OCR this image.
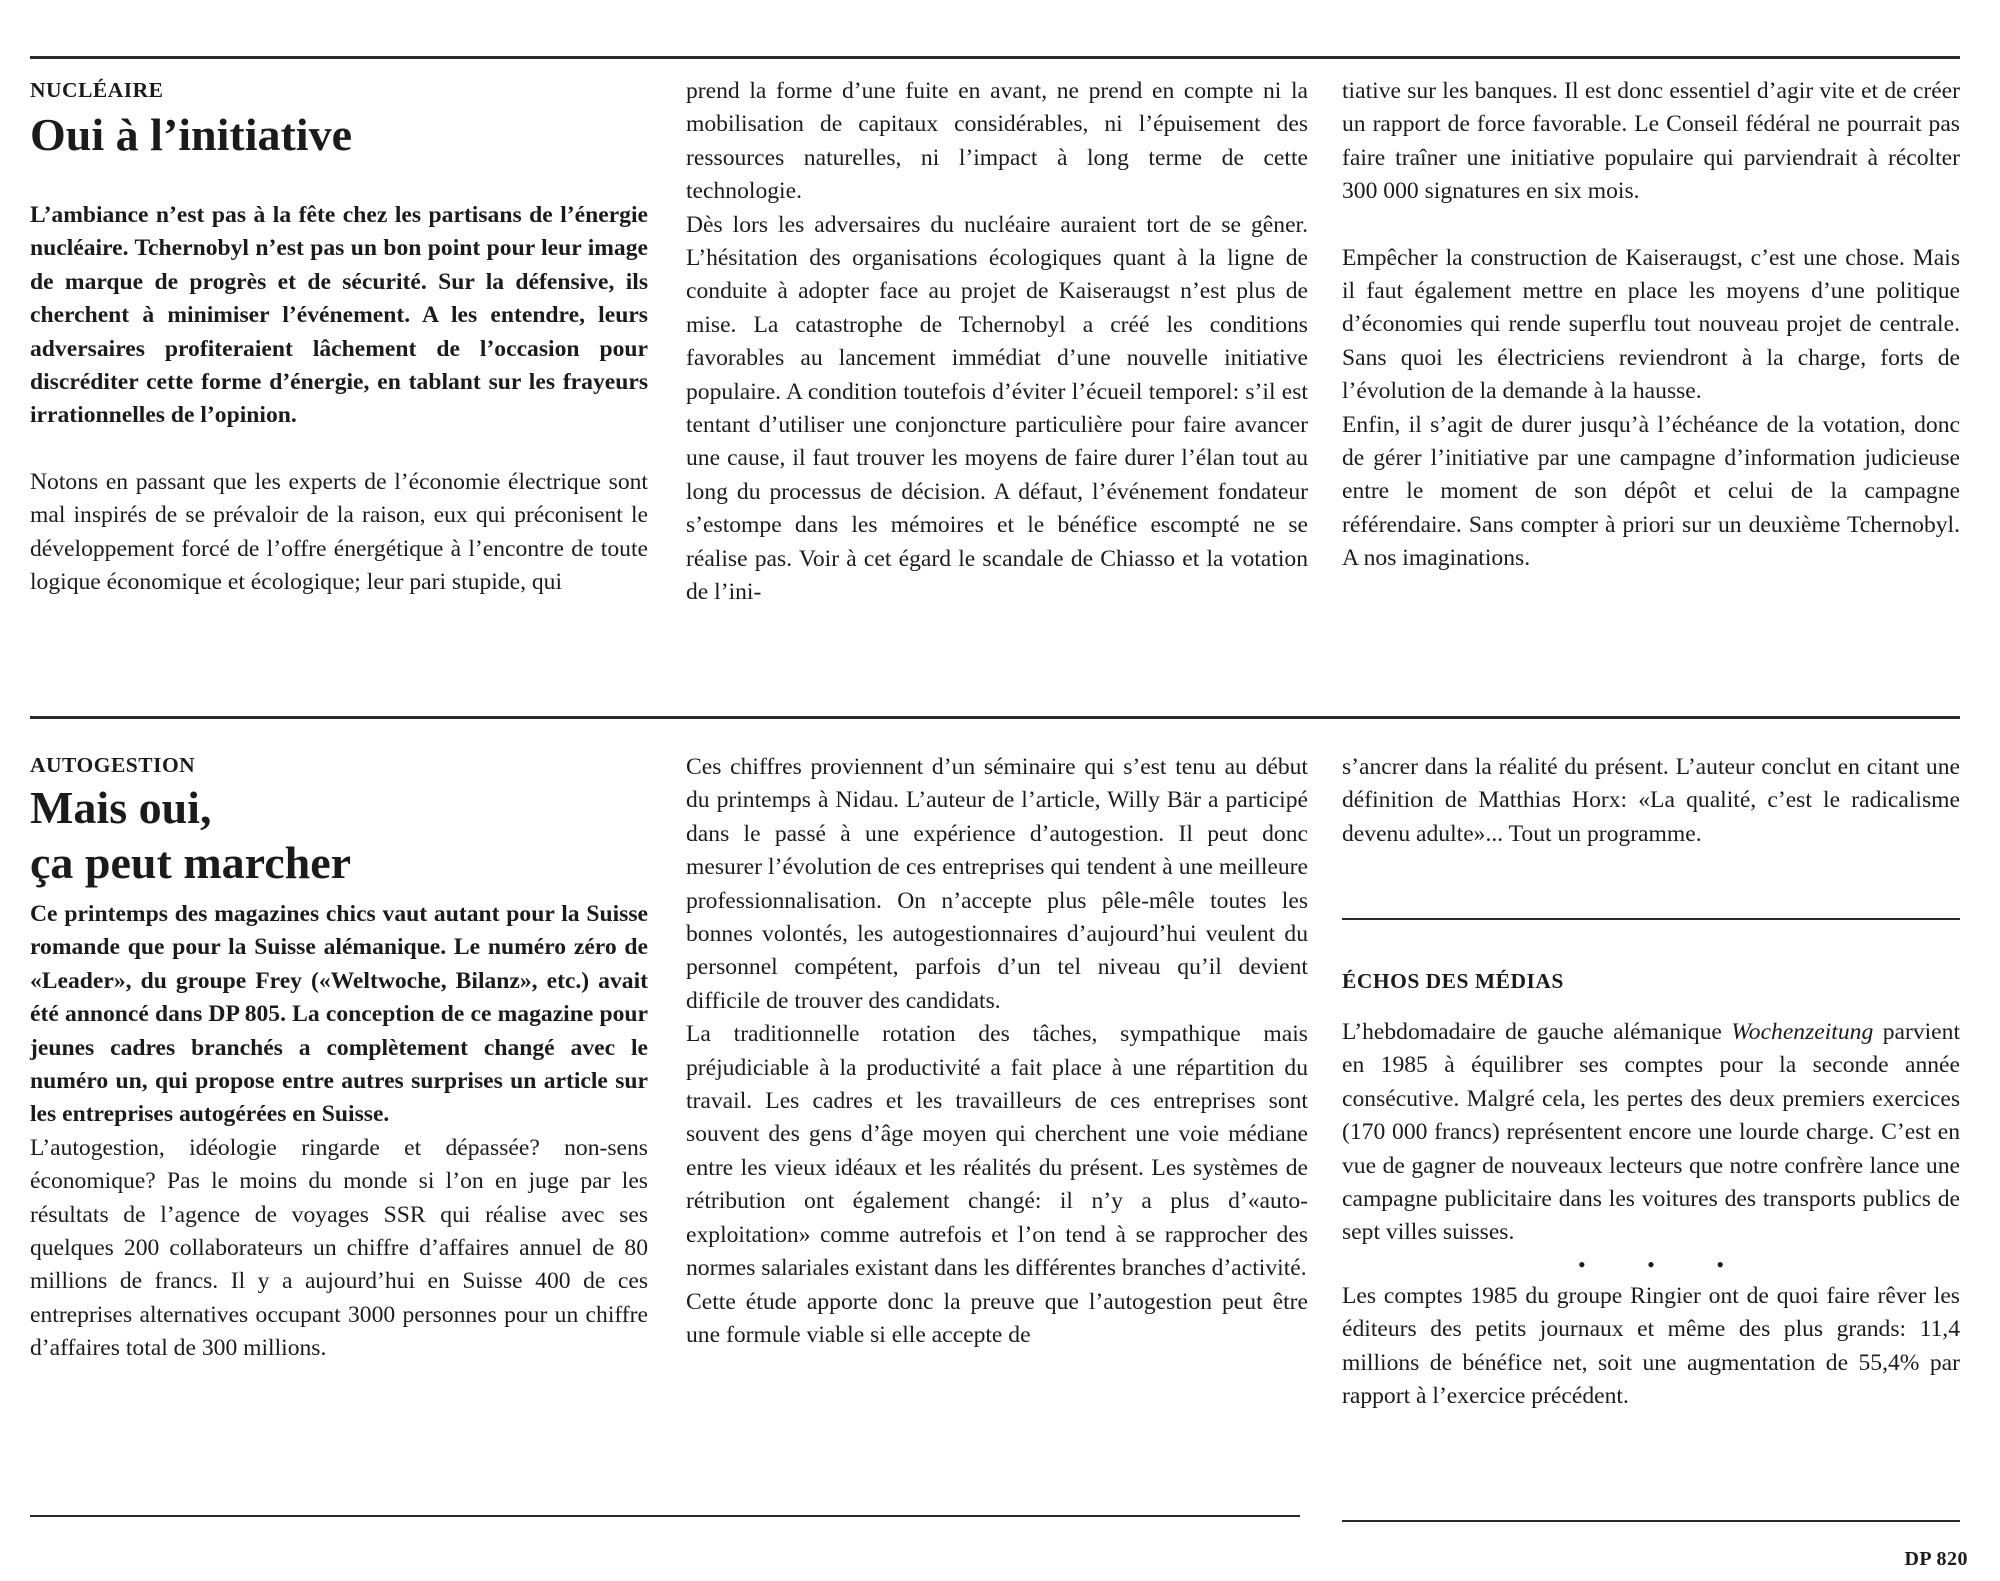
NUCLÉAIRE

Oui à l’initiative

L’ambiance n’est pas à la fête chez les partisans de l’énergie nucléaire. Tchernobyl n’est pas un bon point pour leur image de marque de progrès et de sécurité. Sur la défensive, ils cherchent à minimiser l’événement. A les entendre, leurs adversaires profiteraient lâchement de l’occasion pour discréditer cette forme d’énergie, en tablant sur les frayeurs irrationnelles de l’opinion.

Notons en passant que les experts de l’économie électrique sont mal inspirés de se prévaloir de la raison, eux qui préconisent le développement forcé de l’offre énergétique à l’encontre de toute logique économique et écologique; leur pari stupide, qui

prend la forme d’une fuite en avant, ne prend en compte ni la mobilisation de capitaux considérables, ni l’épuisement des ressources naturelles, ni l’impact à long terme de cette technologie.

Dès lors les adversaires du nucléaire auraient tort de se gêner. L’hésitation des organisations écologiques quant à la ligne de conduite à adopter face au projet de Kaiseraugst n’est plus de mise. La catastrophe de Tchernobyl a créé les conditions favorables au lancement immédiat d’une nouvelle initiative populaire. A condition toutefois d’éviter l’écueil temporel: s’il est tentant d’utiliser une conjoncture particulière pour faire avancer une cause, il faut trouver les moyens de faire durer l’élan tout au long du processus de décision. A défaut, l’événement fondateur s’estompe dans les mémoires et le bénéfice escompté ne se réalise pas. Voir à cet égard le scandale de Chiasso et la votation de l’ini-

tiative sur les banques. Il est donc essentiel d’agir vite et de créer un rapport de force favorable. Le Conseil fédéral ne pourrait pas faire traîner une initiative populaire qui parviendrait à récolter 300 000 signatures en six mois.

Empêcher la construction de Kaiseraugst, c’est une chose. Mais il faut également mettre en place les moyens d’une politique d’économies qui rende superflu tout nouveau projet de centrale. Sans quoi les électriciens reviendront à la charge, forts de l’évolution de la demande à la hausse.

Enfin, il s’agit de durer jusqu’à l’échéance de la votation, donc de gérer l’initiative par une campagne d’information judicieuse entre le moment de son dépôt et celui de la campagne référendaire. Sans compter à priori sur un deuxième Tchernobyl. A nos imaginations.

AUTOGESTION

Mais oui,
ça peut marcher

Ce printemps des magazines chics vaut autant pour la Suisse romande que pour la Suisse alémanique. Le numéro zéro de «Leader», du groupe Frey («Weltwoche, Bilanz», etc.) avait été annoncé dans DP 805. La conception de ce magazine pour jeunes cadres branchés a complètement changé avec le numéro un, qui propose entre autres surprises un article sur les entreprises autogérées en Suisse.

L’autogestion, idéologie ringarde et dépassée? non-sens économique? Pas le moins du monde si l’on en juge par les résultats de l’agence de voyages SSR qui réalise avec ses quelques 200 collaborateurs un chiffre d’affaires annuel de 80 millions de francs. Il y a aujourd’hui en Suisse 400 de ces entreprises alternatives occupant 3000 personnes pour un chiffre d’affaires total de 300 millions.

Ces chiffres proviennent d’un séminaire qui s’est tenu au début du printemps à Nidau. L’auteur de l’article, Willy Bär a participé dans le passé à une expérience d’autogestion. Il peut donc mesurer l’évolution de ces entreprises qui tendent à une meilleure professionnalisation. On n’accepte plus pêle-mêle toutes les bonnes volontés, les autogestionnaires d’aujourd’hui veulent du personnel compétent, parfois d’un tel niveau qu’il devient difficile de trouver des candidats.

La traditionnelle rotation des tâches, sympathique mais préjudiciable à la productivité a fait place à une répartition du travail. Les cadres et les travailleurs de ces entreprises sont souvent des gens d’âge moyen qui cherchent une voie médiane entre les vieux idéaux et les réalités du présent. Les systèmes de rétribution ont également changé: il n’y a plus d’«auto-exploitation» comme autrefois et l’on tend à se rapprocher des normes salariales existant dans les différentes branches d’activité.

Cette étude apporte donc la preuve que l’autogestion peut être une formule viable si elle accepte de

s’ancrer dans la réalité du présent. L’auteur conclut en citant une définition de Matthias Horx: «La qualité, c’est le radicalisme devenu adulte»... Tout un programme.

ÉCHOS DES MÉDIAS

L’hebdomadaire de gauche alémanique Wochenzeitung parvient en 1985 à équilibrer ses comptes pour la seconde année consécutive. Malgré cela, les pertes des deux premiers exercices (170 000 francs) représentent encore une lourde charge. C’est en vue de gagner de nouveaux lecteurs que notre confrère lance une campagne publicitaire dans les voitures des transports publics de sept villes suisses.

• • •

Les comptes 1985 du groupe Ringier ont de quoi faire rêver les éditeurs des petits journaux et même des plus grands: 11,4 millions de bénéfice net, soit une augmentation de 55,4% par rapport à l’exercice précédent.

DP 820
